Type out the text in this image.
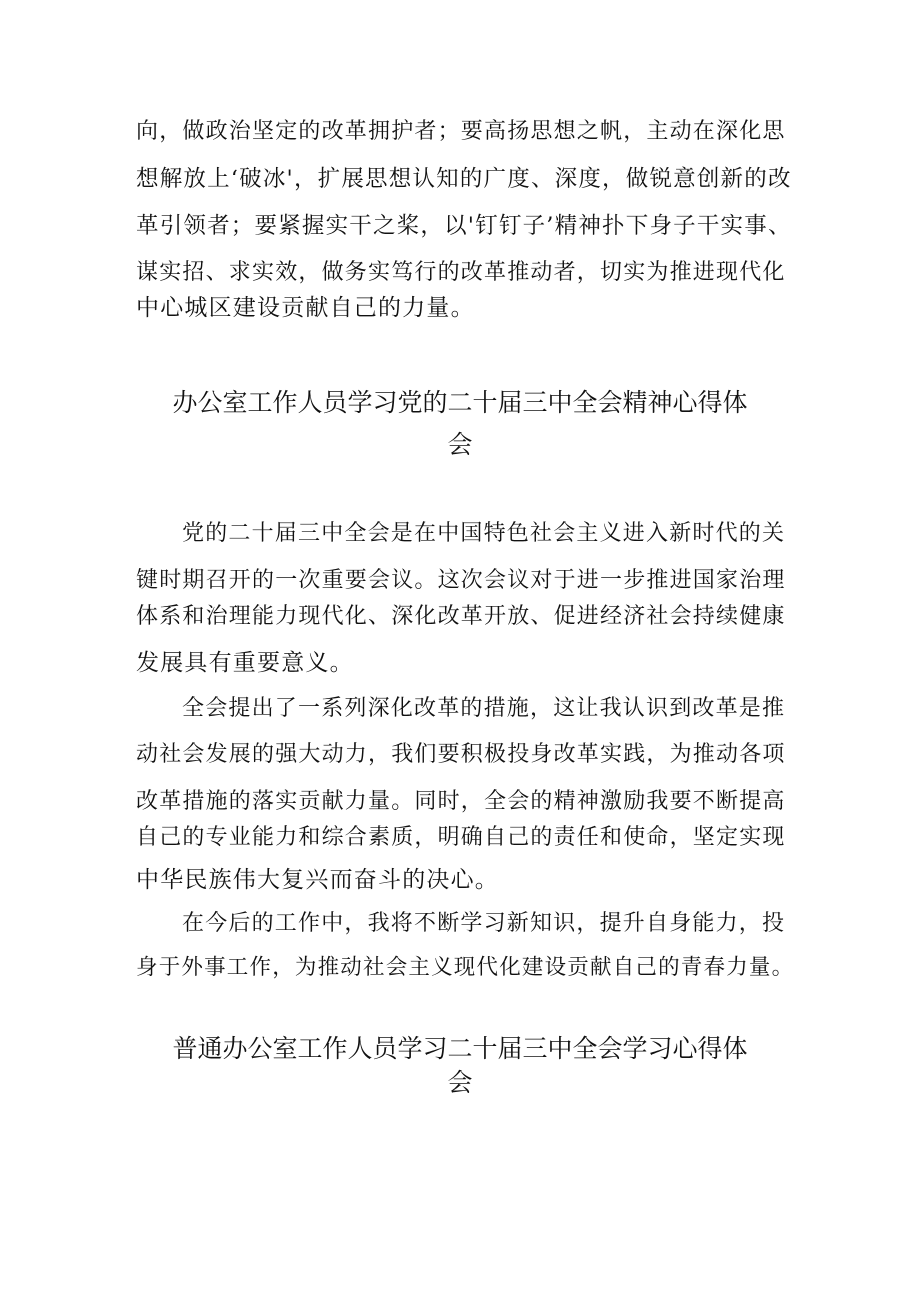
向，做政治坚定的改革拥护者；要高扬思想之帆，主动在深化思
想解放上‘破冰'，扩展思想认知的广度、深度，做锐意创新的改
革引领者；要紧握实干之桨，以'钉钉子’精神扑下身子干实事、
谋实招、求实效，做务实笃行的改革推动者，切实为推进现代化
中心城区建设贡献自己的力量。
办公室工作人员学习党的二十届三中全会精神心得体
会
党的二十届三中全会是在中国特色社会主义进入新时代的关
键时期召开的一次重要会议。这次会议对于进一步推进国家治理
体系和治理能力现代化、深化改革开放、促进经济社会持续健康
发展具有重要意义。
全会提出了一系列深化改革的措施，这让我认识到改革是推
动社会发展的强大动力，我们要积极投身改革实践，为推动各项
改革措施的落实贡献力量。同时，全会的精神激励我要不断提高
自己的专业能力和综合素质，明确自己的责任和使命，坚定实现
中华民族伟大复兴而奋斗的决心。
在今后的工作中，我将不断学习新知识，提升自身能力，投
身于外事工作，为推动社会主义现代化建设贡献自己的青春力量。
普通办公室工作人员学习二十届三中全会学习心得体
会
